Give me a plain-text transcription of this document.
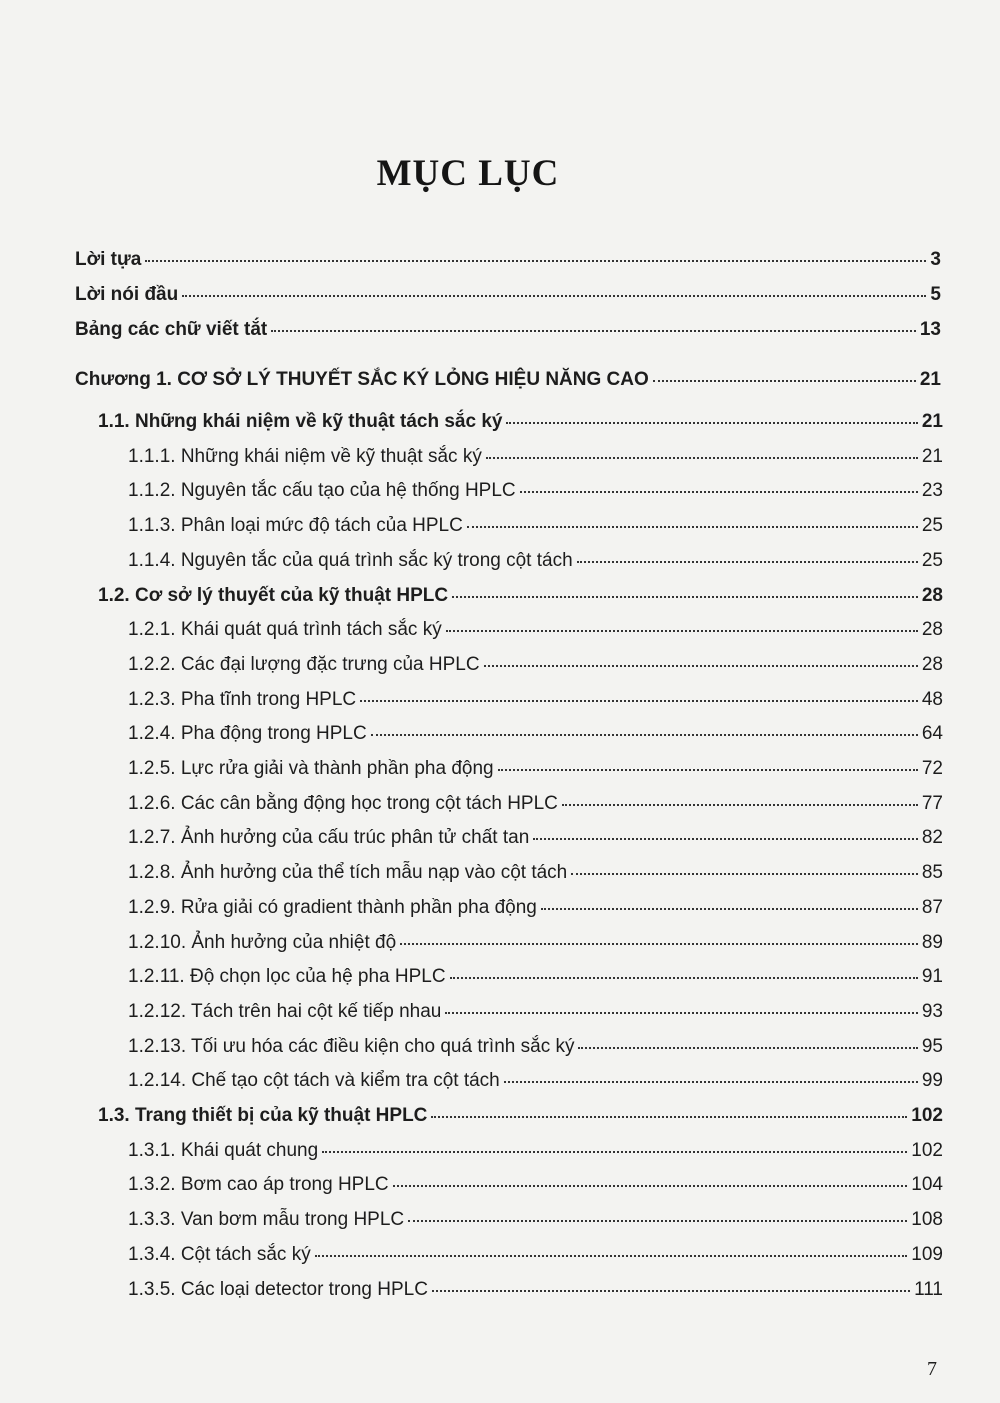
MỤC LỤC
Lời tựa	3
Lời nói đầu	5
Bảng các chữ viết tắt	13
Chương 1. CƠ SỞ LÝ THUYẾT SẮC KÝ LỎNG HIỆU NĂNG CAO	21
1.1. Những khái niệm về kỹ thuật tách sắc ký	21
1.1.1. Những khái niệm về kỹ thuật sắc ký	21
1.1.2. Nguyên tắc cấu tạo của hệ thống HPLC	23
1.1.3. Phân loại mức độ tách của HPLC	25
1.1.4. Nguyên tắc của quá trình sắc ký trong cột tách	25
1.2. Cơ sở lý thuyết của kỹ thuật HPLC	28
1.2.1. Khái quát quá trình tách sắc ký	28
1.2.2. Các đại lượng đặc trưng của HPLC	28
1.2.3. Pha tĩnh trong HPLC	48
1.2.4. Pha động trong HPLC	64
1.2.5. Lực rửa giải và thành phần pha động	72
1.2.6. Các cân bằng động học trong cột tách HPLC	77
1.2.7. Ảnh hưởng của cấu trúc phân tử chất tan	82
1.2.8. Ảnh hưởng của thể tích mẫu nạp vào cột tách	85
1.2.9. Rửa giải có gradient thành phần pha động	87
1.2.10. Ảnh hưởng của nhiệt độ	89
1.2.11. Độ chọn lọc của hệ pha HPLC	91
1.2.12. Tách trên hai cột kế tiếp nhau	93
1.2.13. Tối ưu hóa các điều kiện cho quá trình sắc ký	95
1.2.14. Chế tạo cột tách và kiểm tra cột tách	99
1.3. Trang thiết bị của kỹ thuật HPLC	102
1.3.1. Khái quát chung	102
1.3.2. Bơm cao áp trong HPLC	104
1.3.3. Van bơm mẫu trong HPLC	108
1.3.4. Cột tách sắc ký	109
1.3.5. Các loại detector trong HPLC	111
7
